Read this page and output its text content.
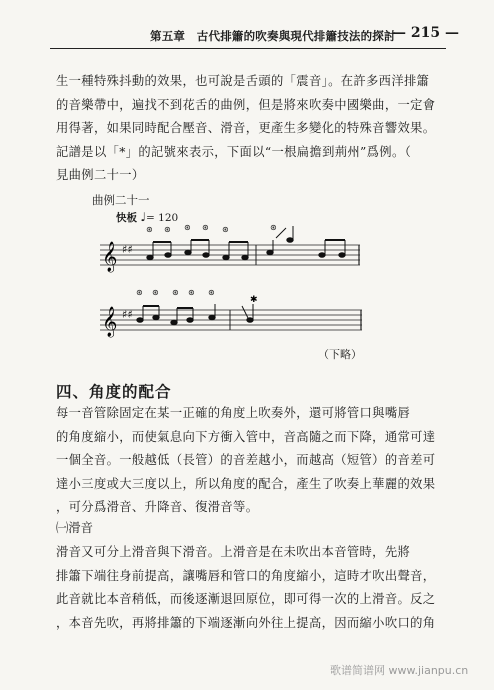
第五章　古代排簫的吹奏與現代排簫技法的探討
— 215 —
生一種特殊抖動的效果，也可說是舌頭的「震音」。在許多西洋排簫
的音樂帶中，遍找不到花舌的曲例，但是將來吹奏中國樂曲，一定會
用得著，如果同時配合壓音、滑音，更產生多變化的特殊音響效果。
記譜是以「*」的記號來表示，下面以“一根扁擔到荊州”爲例。（
見曲例二十一）
曲例二十一
快板 ♩= 120
𝄞 ♯♯
⊛ ⊛ ⊛ ⊛ ⊛	⊛
𝄞 ♯♯
⊛ ⊛ ⊛ ⊛ ⊛
✱
（下略）
四、角度的配合
每一音管除固定在某一正確的角度上吹奏外，還可將管口與嘴唇
的角度縮小，而使氣息向下方衝入管中，音高隨之而下降，通常可達
一個全音。一般越低（長管）的音差越小，而越高（短管）的音差可
達小三度或大三度以上，所以角度的配合，產生了吹奏上華麗的效果
，可分爲滑音、升降音、復滑音等。
㈠滑音
滑音又可分上滑音與下滑音。上滑音是在未吹出本音管時，先將
排簫下端往身前提高，讓嘴唇和管口的角度縮小，這時才吹出聲音，
此音就比本音稍低，而後逐漸退回原位，即可得一次的上滑音。反之
，本音先吹，再將排簫的下端逐漸向外往上提高，因而縮小吹口的角
歌谱简谱网 www.jianpu.cn
